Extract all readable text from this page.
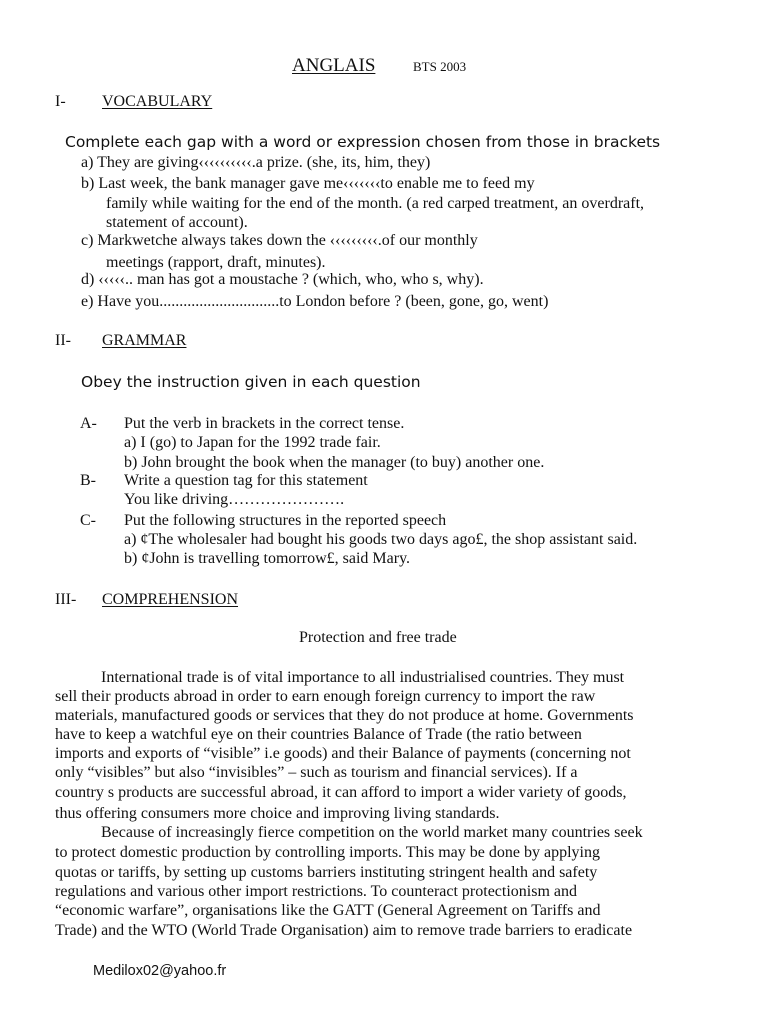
ANGLAIS	BTS 2003
I- VOCABULARY
Complete each gap with a word or expression chosen from those in brackets
a) They are giving‹‹‹‹‹‹‹‹‹‹.a prize. (she, its, him, they)
b) Last week, the bank manager gave me‹‹‹‹‹‹‹to enable me to feed my
family while waiting for the end of the month. (a red carped treatment, an overdraft,
statement of account).
c) Markwetche always takes down the ‹‹‹‹‹‹‹‹‹.of our monthly
meetings (rapport, draft, minutes).
d) ‹‹‹‹‹.. man has got a moustache ? (which, who, who s, why).
e) Have you..............................to London before ? (been, gone, go, went)
II- GRAMMAR
Obey the instruction given in each question
A- Put the verb in brackets in the correct tense.
a) I (go) to Japan for the 1992 trade fair.
b) John brought the book when the manager (to buy) another one.
B- Write a question tag for this statement
You like driving………………….
C- Put the following structures in the reported speech
a) ¢The wholesaler had bought his goods two days ago£, the shop assistant said.
b) ¢John is travelling tomorrow£, said Mary.
III- COMPREHENSION
Protection and free trade
International trade is of vital importance to all industrialised countries. They must
sell their products abroad in order to earn enough foreign currency to import the raw
materials, manufactured goods or services that they do not produce at home. Governments
have to keep a watchful eye on their countries Balance of Trade (the ratio between
imports and exports of “visible” i.e goods) and their Balance of payments (concerning not
only “visibles” but also “invisibles” – such as tourism and financial services). If a
country s products are successful abroad, it can afford to import a wider variety of goods,
thus offering consumers more choice and improving living standards.
Because of increasingly fierce competition on the world market many countries seek
to protect domestic production by controlling imports. This may be done by applying
quotas or tariffs, by setting up customs barriers instituting stringent health and safety
regulations and various other import restrictions. To counteract protectionism and
“economic warfare”, organisations like the GATT (General Agreement on Tariffs and
Trade) and the WTO (World Trade Organisation) aim to remove trade barriers to eradicate
Medilox02@yahoo.fr
